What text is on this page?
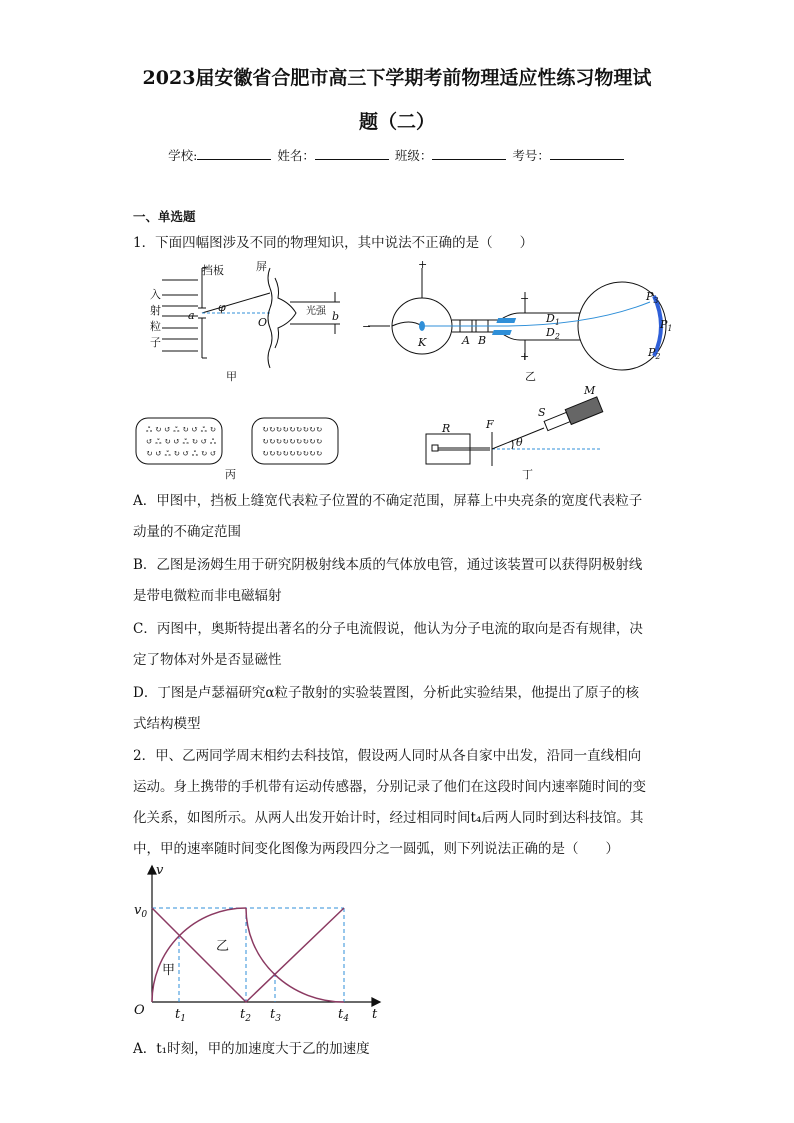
2023届安徽省合肥市高三下学期考前物理适应性练习物理试
题（二）
学校:	姓名：	班级：	考号：
一、单选题
1．下面四幅图涉及不同的物理知识，其中说法不正确的是（　　）
挡板	屏
入
射
粒
子
a
φ
O
光强 b
甲
+
−
−
+
K	A B
$D_1$
$D_2$
$P_3$
$P_1$
$P_2$
乙
ஃ ↻ ↺ ஃ ↻ ↺ ஃ ↻
↺ ஃ ↻ ↺ ஃ ↻ ↺ ஃ
↻ ↺ ஃ ↻ ↺ ஃ ↻ ↺
↻↻↻↻↻↻↻↻↻
↻↻↻↻↻↻↻↻↻
↻↻↻↻↻↻↻↻↻
丙
R	F
S
M
θ
丁
A．甲图中，挡板上缝宽代表粒子位置的不确定范围，屏幕上中央亮条的宽度代表粒子
动量的不确定范围
B．乙图是汤姆生用于研究阴极射线本质的气体放电管，通过该装置可以获得阴极射线
是带电微粒而非电磁辐射
C．丙图中，奥斯特提出著名的分子电流假说，他认为分子电流的取向是否有规律，决
定了物体对外是否显磁性
D．丁图是卢瑟福研究α粒子散射的实验装置图，分析此实验结果，他提出了原子的核
式结构模型
2．甲、乙两同学周末相约去科技馆，假设两人同时从各自家中出发，沿同一直线相向
运动。身上携带的手机带有运动传感器，分别记录了他们在这段时间内速率随时间的变
化关系，如图所示。从两人出发开始计时，经过相同时间t₄后两人同时到达科技馆。其
中，甲的速率随时间变化图像为两段四分之一圆弧，则下列说法正确的是（　　）
v
$v_0$
甲
乙
O	t
$t_1$	$t_2$ $t_3$	$t_4$
A．t₁时刻，甲的加速度大于乙的加速度
